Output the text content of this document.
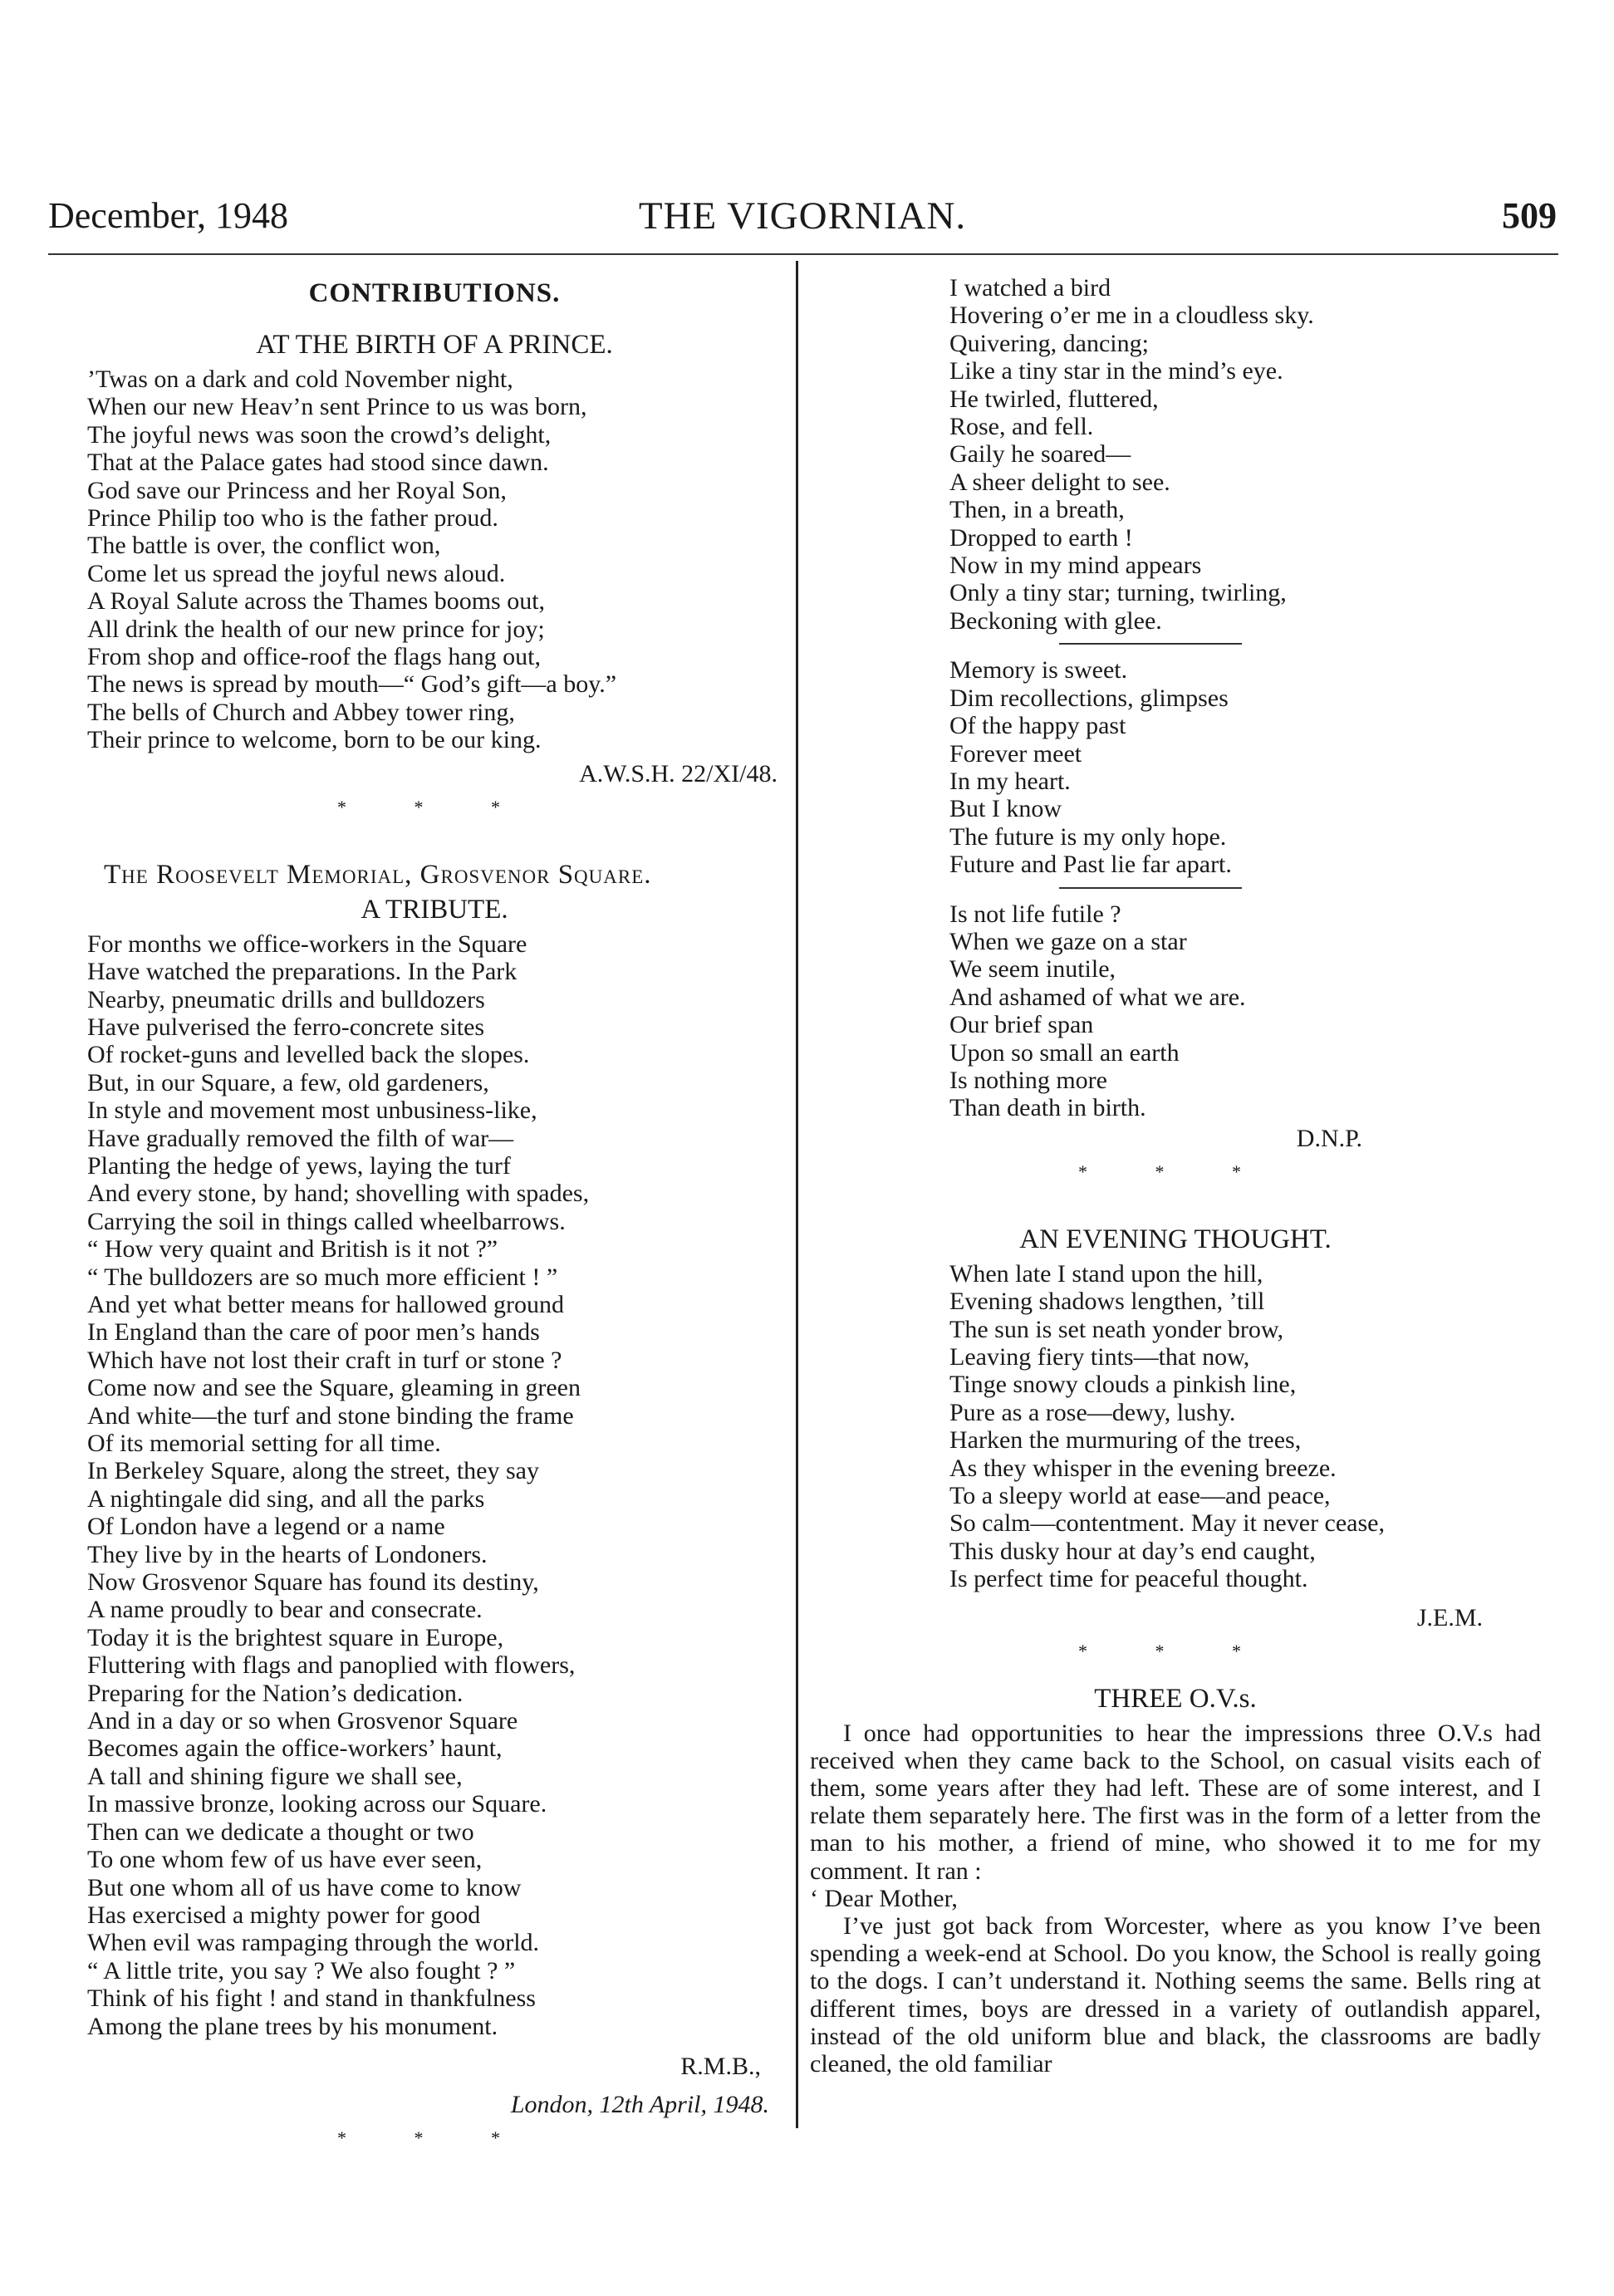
December, 1948	THE VIGORNIAN.	509
CONTRIBUTIONS.
AT THE BIRTH OF A PRINCE.
’Twas on a dark and cold November night,
When our new Heav’n sent Prince to us was born,
The joyful news was soon the crowd’s delight,
That at the Palace gates had stood since dawn.
God save our Princess and her Royal Son,
Prince Philip too who is the father proud.
The battle is over, the conflict won,
Come let us spread the joyful news aloud.
A Royal Salute across the Thames booms out,
All drink the health of our new prince for joy;
From shop and office-roof the flags hang out,
The news is spread by mouth—“ God’s gift—a boy.”
The bells of Church and Abbey tower ring,
Their prince to welcome, born to be our king.
A.W.S.H. 22/XI/48.
* * *
The Roosevelt Memorial, Grosvenor Square.
A TRIBUTE.
For months we office-workers in the Square
Have watched the preparations. In the Park
Nearby, pneumatic drills and bulldozers
Have pulverised the ferro-concrete sites
Of rocket-guns and levelled back the slopes.
But, in our Square, a few, old gardeners,
In style and movement most unbusiness-like,
Have gradually removed the filth of war—
Planting the hedge of yews, laying the turf
And every stone, by hand; shovelling with spades,
Carrying the soil in things called wheelbarrows.
“ How very quaint and British is it not ?”
“ The bulldozers are so much more efficient ! ”
And yet what better means for hallowed ground
In England than the care of poor men’s hands
Which have not lost their craft in turf or stone ?
Come now and see the Square, gleaming in green
And white—the turf and stone binding the frame
Of its memorial setting for all time.
In Berkeley Square, along the street, they say
A nightingale did sing, and all the parks
Of London have a legend or a name
They live by in the hearts of Londoners.
Now Grosvenor Square has found its destiny,
A name proudly to bear and consecrate.
Today it is the brightest square in Europe,
Fluttering with flags and panoplied with flowers,
Preparing for the Nation’s dedication.
And in a day or so when Grosvenor Square
Becomes again the office-workers’ haunt,
A tall and shining figure we shall see,
In massive bronze, looking across our Square.
Then can we dedicate a thought or two
To one whom few of us have ever seen,
But one whom all of us have come to know
Has exercised a mighty power for good
When evil was rampaging through the world.
“ A little trite, you say ? We also fought ? ”
Think of his fight ! and stand in thankfulness
Among the plane trees by his monument.
R.M.B.,
London, 12th April, 1948.
* * *
I watched a bird
Hovering o’er me in a cloudless sky.
Quivering, dancing;
Like a tiny star in the mind’s eye.
He twirled, fluttered,
Rose, and fell.
Gaily he soared—
A sheer delight to see.
Then, in a breath,
Dropped to earth !
Now in my mind appears
Only a tiny star; turning, twirling,
Beckoning with glee.
Memory is sweet.
Dim recollections, glimpses
Of the happy past
Forever meet
In my heart.
But I know
The future is my only hope.
Future and Past lie far apart.
Is not life futile ?
When we gaze on a star
We seem inutile,
And ashamed of what we are.
Our brief span
Upon so small an earth
Is nothing more
Than death in birth.
D.N.P.
* * *
AN EVENING THOUGHT.
When late I stand upon the hill,
Evening shadows lengthen, ’till
The sun is set neath yonder brow,
Leaving fiery tints—that now,
Tinge snowy clouds a pinkish line,
Pure as a rose—dewy, lushy.
Harken the murmuring of the trees,
As they whisper in the evening breeze.
To a sleepy world at ease—and peace,
So calm—contentment. May it never cease,
This dusky hour at day’s end caught,
Is perfect time for peaceful thought.
J.E.M.
* * *
THREE O.V.s.

I once had opportunities to hear the impressions three O.V.s had received when they came back to the School, on casual visits each of them, some years after they had left. These are of some interest, and I relate them separately here. The first was in the form of a letter from the man to his mother, a friend of mine, who showed it to me for my comment. It ran :

‘ Dear Mother,

I’ve just got back from Worcester, where as you know I’ve been spending a week-end at School. Do you know, the School is really going to the dogs. I can’t understand it. Nothing seems the same. Bells ring at different times, boys are dressed in a variety of outlandish apparel, instead of the old uniform blue and black, the classrooms are badly cleaned, the old familiar
